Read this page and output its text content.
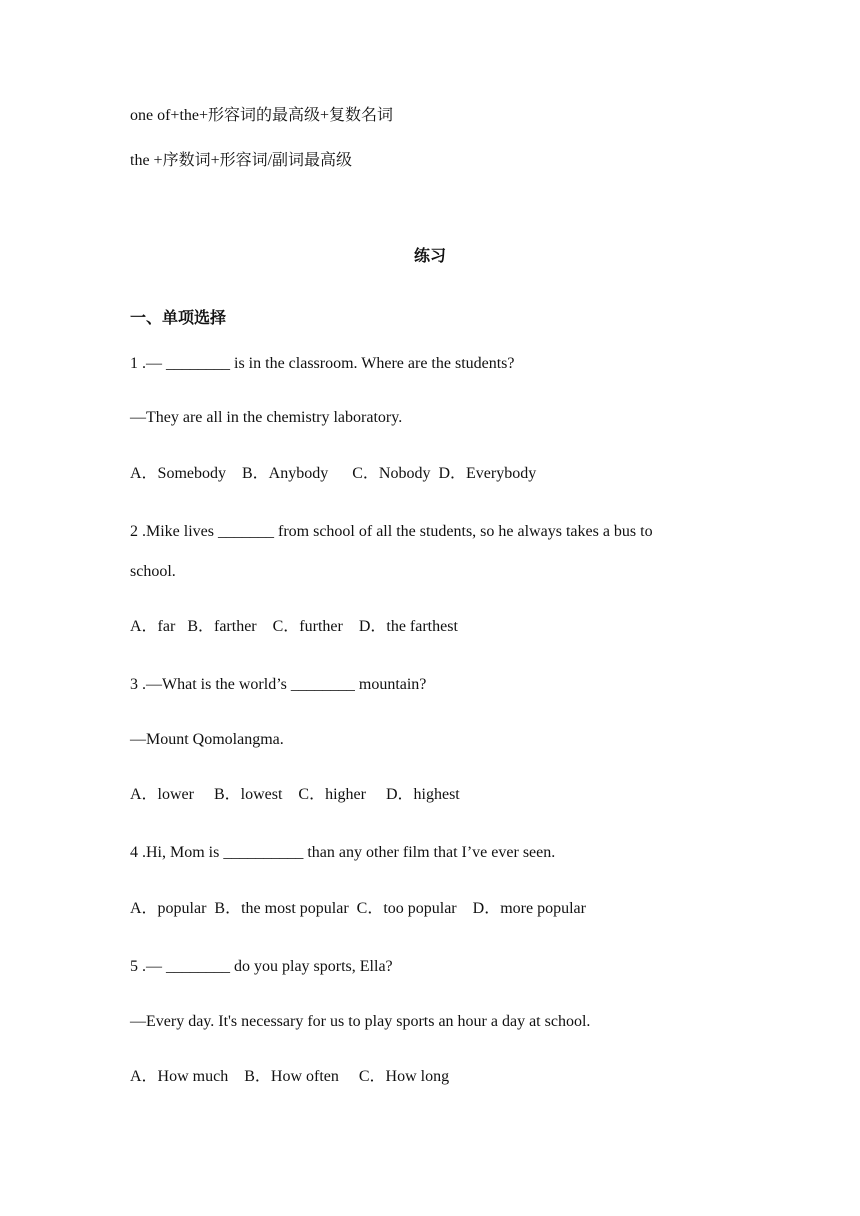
one of+the+形容词的最高级+复数名词
the +序数词+形容词/副词最高级
练习
一、单项选择
1 .— ________ is in the classroom. Where are the students?
—They are all in the chemistry laboratory.
A．Somebody    B．Anybody      C．Nobody  D．Everybody
2 .Mike lives _______ from school of all the students, so he always takes a bus to
school.
A．far   B．farther    C．further    D．the farthest
3 .—What is the world’s ________ mountain?
—Mount Qomolangma.
A．lower     B．lowest    C．higher     D．highest
4 .Hi, Mom is __________ than any other film that I’ve ever seen.
A．popular  B．the most popular  C．too popular    D．more popular
5 .— ________ do you play sports, Ella?
—Every day. It's necessary for us to play sports an hour a day at school.
A．How much    B．How often     C．How long
